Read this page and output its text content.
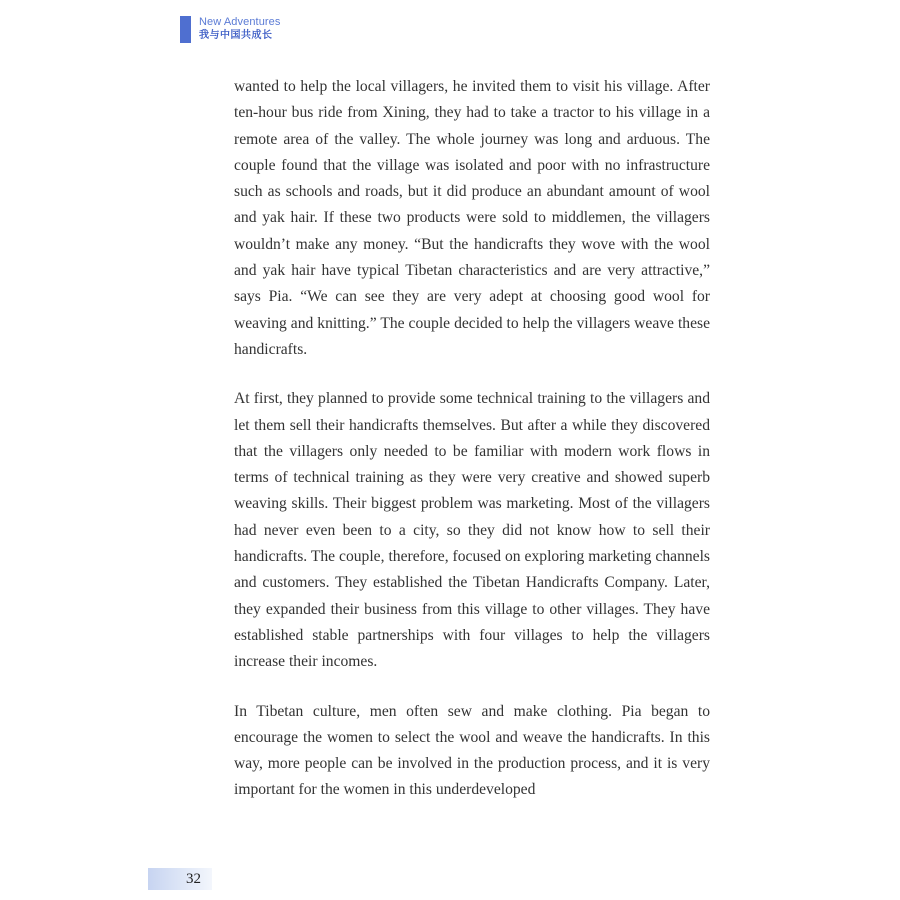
New Adventures
我与中国共成长

wanted to help the local villagers, he invited them to visit his village. After ten-hour bus ride from Xining, they had to take a tractor to his village in a remote area of the valley. The whole journey was long and arduous. The couple found that the village was isolated and poor with no infrastructure such as schools and roads, but it did produce an abundant amount of wool and yak hair. If these two products were sold to middlemen, the villagers wouldn’t make any money. “But the handicrafts they wove with the wool and yak hair have typical Tibetan characteristics and are very attractive,” says Pia. “We can see they are very adept at choosing good wool for weaving and knitting.” The couple decided to help the villagers weave these handicrafts.

At first, they planned to provide some technical training to the villagers and let them sell their handicrafts themselves. But after a while they discovered that the villagers only needed to be familiar with modern work flows in terms of technical training as they were very creative and showed superb weaving skills. Their biggest problem was marketing. Most of the villagers had never even been to a city, so they did not know how to sell their handicrafts. The couple, therefore, focused on exploring marketing channels and customers. They established the Tibetan Handicrafts Company. Later, they expanded their business from this village to other villages. They have established stable partnerships with four villages to help the villagers increase their incomes.

In Tibetan culture, men often sew and make clothing. Pia began to encourage the women to select the wool and weave the handicrafts. In this way, more people can be involved in the production process, and it is very important for the women in this underdeveloped

32
